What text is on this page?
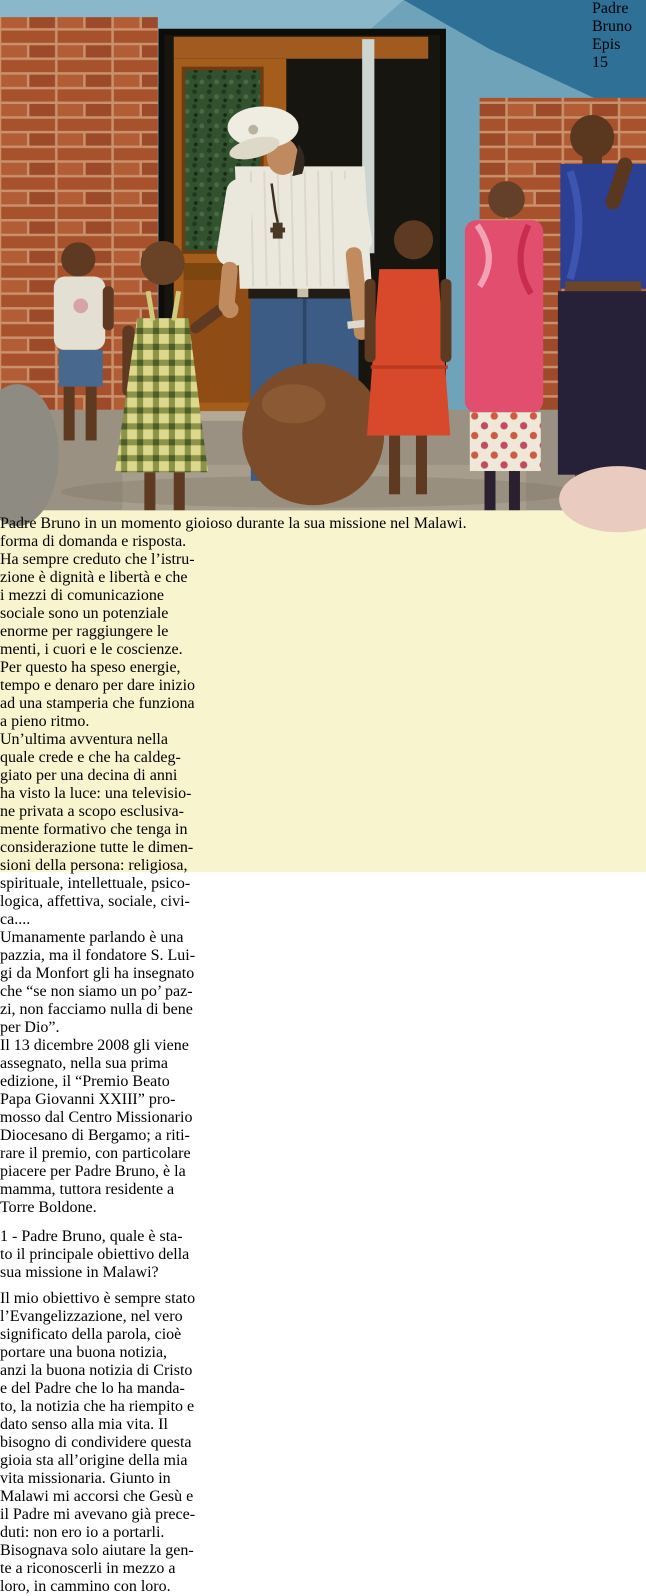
Padre Bruno Epis
15
Padre Bruno in un momento gioioso durante la sua missione nel Malawi.
forma di domanda e risposta.
Ha sempre creduto che l’istru-
zione è dignità e libertà e che
i mezzi di comunicazione
sociale sono un potenziale
enorme per raggiungere le
menti, i cuori e le coscienze.
Per questo ha speso energie,
tempo e denaro per dare inizio
ad una stamperia che funziona
a pieno ritmo.
Un’ultima avventura nella
quale crede e che ha caldeg-
giato per una decina di anni
ha visto la luce: una televisio-
ne privata a scopo esclusiva-
mente formativo che tenga in
considerazione tutte le dimen-
sioni della persona: religiosa,
spirituale, intellettuale, psico-
logica, affettiva, sociale, civi-
ca....
Umanamente parlando è una
pazzia, ma il fondatore S. Lui-
gi da Monfort gli ha insegnato
che “se non siamo un po’ paz-
zi, non facciamo nulla di bene
per Dio”.
Il 13 dicembre 2008 gli viene
assegnato, nella sua prima
edizione, il “Premio Beato
Papa Giovanni XXIII” pro-
mosso dal Centro Missionario
Diocesano di Bergamo; a riti-
rare il premio, con particolare
piacere per Padre Bruno, è la
mamma, tuttora residente a
Torre Boldone.
1 - Padre Bruno, quale è sta-
to il principale obiettivo della
sua missione in Malawi?
Il mio obiettivo è sempre stato
l’Evangelizzazione, nel vero
significato della parola, cioè
portare una buona notizia,
anzi la buona notizia di Cristo
e del Padre che lo ha manda-
to, la notizia che ha riempito e
dato senso alla mia vita. Il
bisogno di condividere questa
gioia sta all’origine della mia
vita missionaria. Giunto in
Malawi mi accorsi che Gesù e
il Padre mi avevano già prece-
duti: non ero io a portarli.
Bisognava solo aiutare la gen-
te a riconoscerli in mezzo a
loro, in cammino con loro.
